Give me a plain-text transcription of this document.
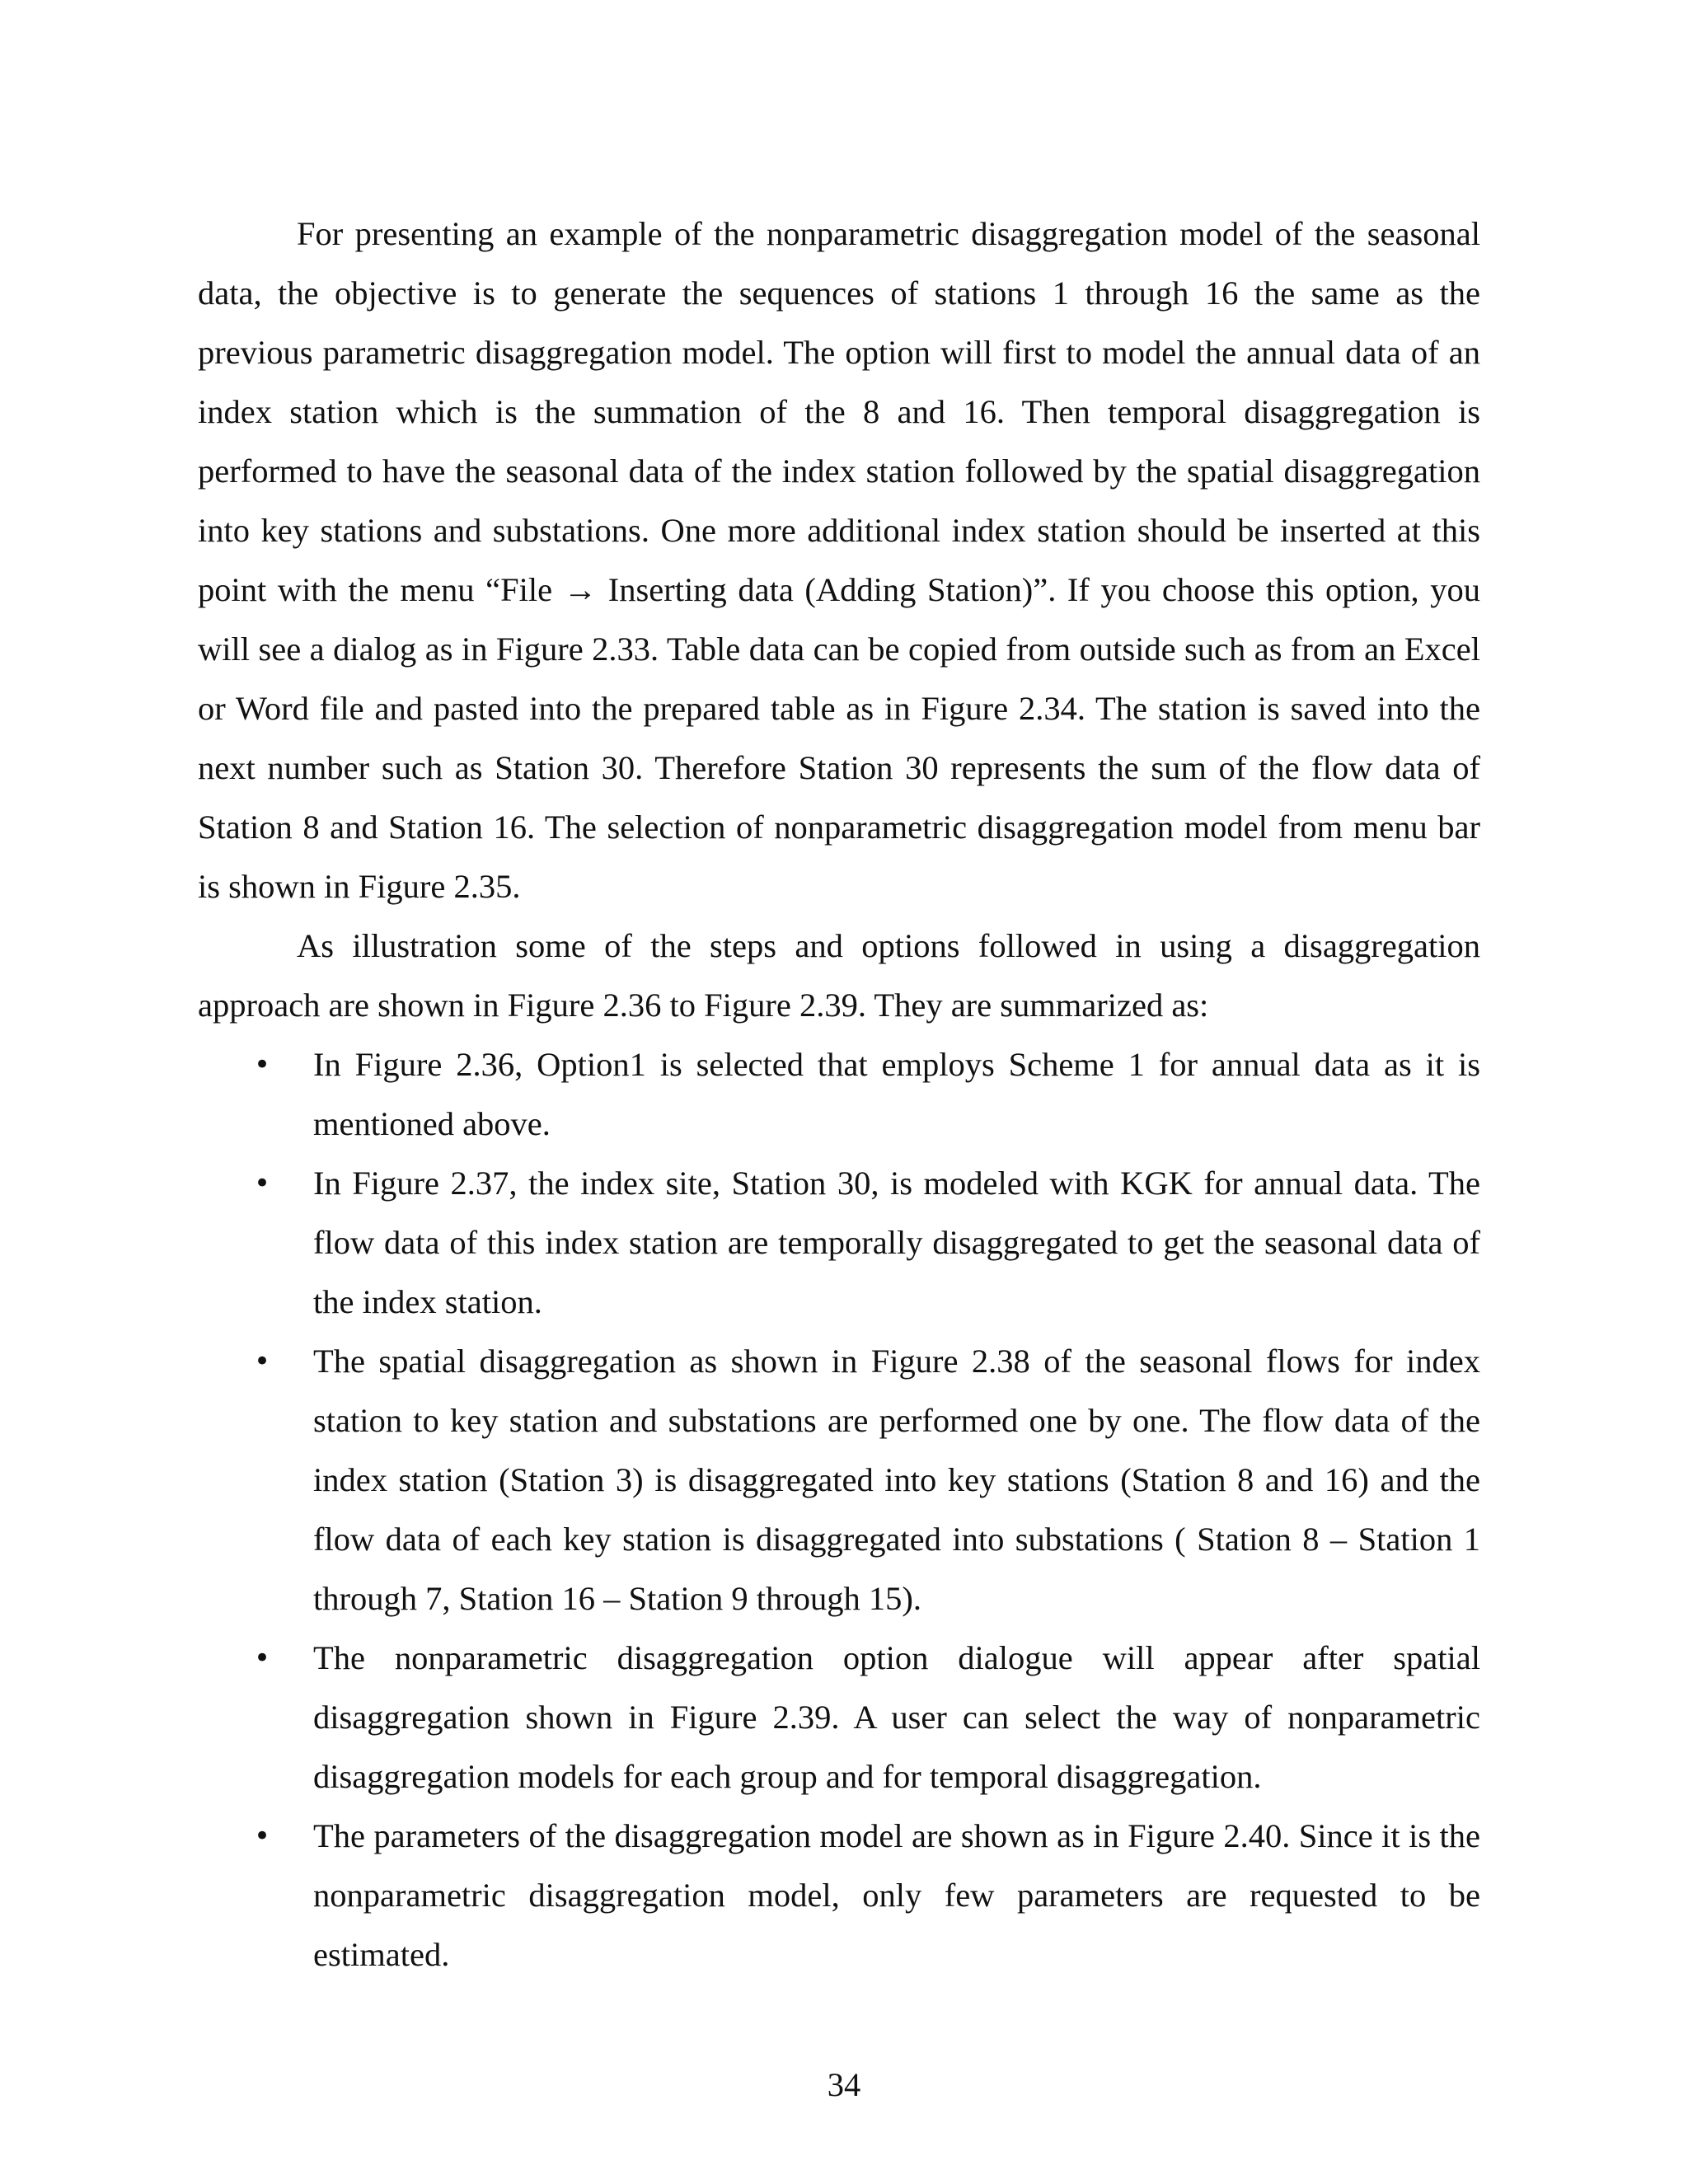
For presenting an example of the nonparametric disaggregation model of the seasonal data, the objective is to generate the sequences of stations 1 through 16 the same as the previous parametric disaggregation model. The option will first to model the annual data of an index station which is the summation of the 8 and 16. Then temporal disaggregation is performed to have the seasonal data of the index station followed by the spatial disaggregation into key stations and substations. One more additional index station should be inserted at this point with the menu “File → Inserting data (Adding Station)”. If you choose this option, you will see a dialog as in Figure 2.33. Table data can be copied from outside such as from an Excel or Word file and pasted into the prepared table as in Figure 2.34. The station is saved into the next number such as Station 30. Therefore Station 30 represents the sum of the flow data of Station 8 and Station 16. The selection of nonparametric disaggregation model from menu bar is shown in Figure 2.35.

As illustration some of the steps and options followed in using a disaggregation approach are shown in Figure 2.36 to Figure 2.39. They are summarized as:

• In Figure 2.36, Option1 is selected that employs Scheme 1 for annual data as it is mentioned above.
• In Figure 2.37, the index site, Station 30, is modeled with KGK for annual data. The flow data of this index station are temporally disaggregated to get the seasonal data of the index station.
• The spatial disaggregation as shown in Figure 2.38 of the seasonal flows for index station to key station and substations are performed one by one. The flow data of the index station (Station 3) is disaggregated into key stations (Station 8 and 16) and the flow data of each key station is disaggregated into substations ( Station 8 – Station 1 through 7, Station 16 – Station 9 through 15).
• The nonparametric disaggregation option dialogue will appear after spatial disaggregation shown in Figure 2.39. A user can select the way of nonparametric disaggregation models for each group and for temporal disaggregation.
• The parameters of the disaggregation model are shown as in Figure 2.40. Since it is the nonparametric disaggregation model, only few parameters are requested to be estimated.
34
